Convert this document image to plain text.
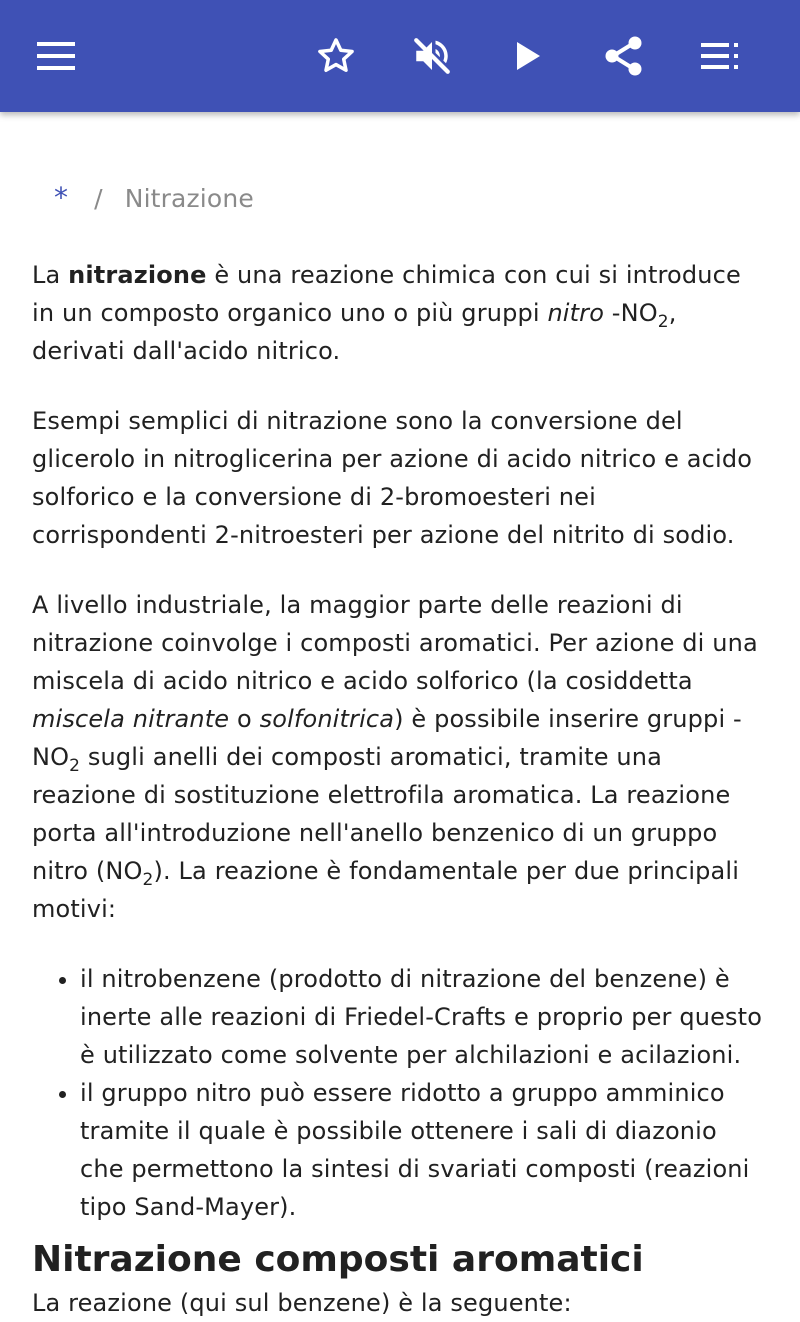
* / Nitrazione

La nitrazione è una reazione chimica con cui si introduce in un composto organico uno o più gruppi nitro $-NO_2$, derivati dall'acido nitrico.

Esempi semplici di nitrazione sono la conversione del glicerolo in nitroglicerina per azione di acido nitrico e acido solforico e la conversione di 2-bromoesteri nei corrispondenti 2-nitroesteri per azione del nitrito di sodio.

A livello industriale, la maggior parte delle reazioni di nitrazione coinvolge i composti aromatici. Per azione di una miscela di acido nitrico e acido solforico (la cosiddetta miscela nitrante o solfonitrica) è possibile inserire gruppi $-NO_2$ sugli anelli dei composti aromatici, tramite una reazione di sostituzione elettrofila aromatica. La reazione porta all'introduzione nell'anello benzenico di un gruppo nitro $(NO_2)$. La reazione è fondamentale per due principali motivi:

• il nitrobenzene (prodotto di nitrazione del benzene) è inerte alle reazioni di Friedel-Crafts e proprio per questo è utilizzato come solvente per alchilazioni e acilazioni.
• il gruppo nitro può essere ridotto a gruppo amminico tramite il quale è possibile ottenere i sali di diazonio che permettono la sintesi di svariati composti (reazioni tipo Sand-Mayer).
Nitrazione composti aromatici

La reazione (qui sul benzene) è la seguente:
